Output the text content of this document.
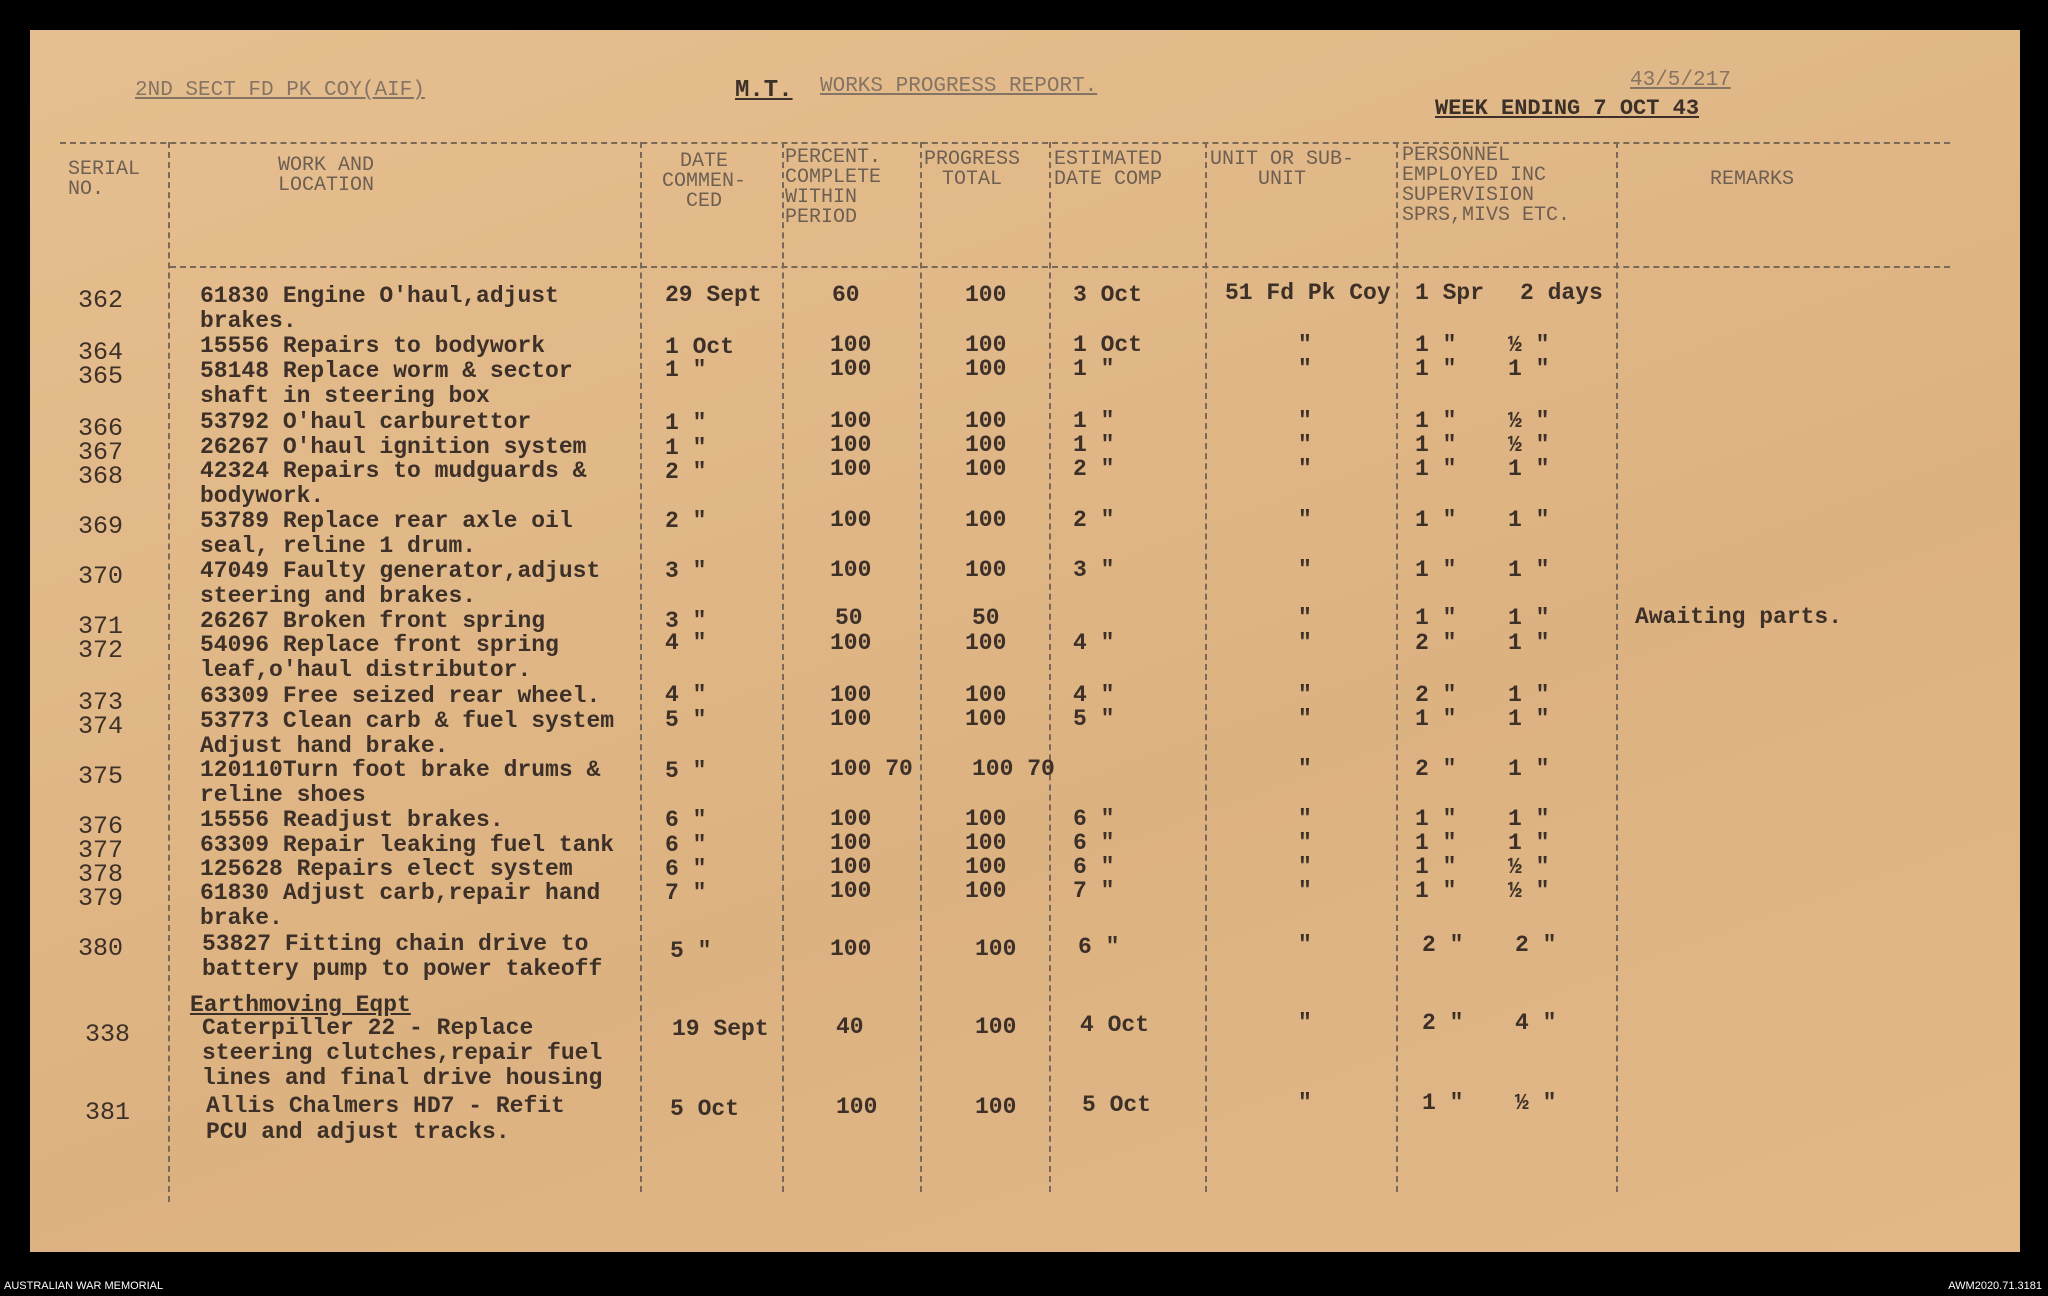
2ND SECT FD PK COY(AIF)	M.T. WORKS PROGRESS REPORT.	43/5/217
WEEK ENDING 7 OCT 43
SERIAL
NO.
WORK AND
LOCATION
DATE
COMMEN-
CED
PERCENT.
COMPLETE
WITHIN
PERIOD
PROGRESS
TOTAL
ESTIMATED
DATE COMP
UNIT OR SUB-
UNIT
PERSONNEL
EMPLOYED INC
SUPERVISION
SPRS,MIVS ETC.
REMARKS
362	61830 Engine O'haul,adjust
brakes.
29 Sept	60	100	3 Oct	51 Fd Pk Coy 1 Spr 2 days
364	15556 Repairs to bodywork	1 Oct	100	100	1 Oct	"	1 " ½ "
365	58148 Replace worm & sector
shaft in steering box
1 "	100	100	1 "	"	1 " 1 "
366	53792 O'haul carburettor	1 "	100	100	1 "	"	1 " ½ "
367	26267 O'haul ignition system	1 "	100	100	1 "	"	1 " ½ "
368	42324 Repairs to mudguards &
bodywork.
2 "	100	100	2 "	"	1 " 1 "
369	53789 Replace rear axle oil
seal, reline 1 drum.
2 "	100	100	2 "	"	1 " 1 "
370	47049 Faulty generator,adjust
steering and brakes.
3 "	100	100	3 "	"	1 " 1 "
371	26267 Broken front spring	3 "	50	50	"	1 " 1 "	Awaiting parts.
372	54096 Replace front spring
leaf,o'haul distributor.
4 "	100	100	4 "	"	2 " 1 "
373	63309 Free seized rear wheel.	4 "	100	100	4 "	"	2 " 1 "
374	53773 Clean carb & fuel system
Adjust hand brake.
5 "	100	100	5 "	"	1 " 1 "
375	120110Turn foot brake drums &
reline shoes
5 "	100 70	100 70	"	2 " 1 "
376	15556 Readjust brakes.	6 "	100	100	6 "	"	1 " 1 "
377	63309 Repair leaking fuel tank 6 "	100	100	6 "	"	1 " 1 "
378	125628 Repairs elect system	6 "	100	100	6 "	"	1 " ½ "
379	61830 Adjust carb,repair hand
brake.
7 "	100	100	7 "	"	1 " ½ "
380	53827 Fitting chain drive to
battery pump to power takeoff
5 "	100	100	6 "	"	2 " 2 "
Earthmoving Eqpt
338	Caterpiller 22 - Replace
steering clutches,repair fuel
lines and final drive housing
19 Sept	40	100	4 Oct	"	2 " 4 "
381	Allis Chalmers HD7 - Refit
PCU and adjust tracks.
5 Oct	100	100	5 Oct	"	1 " ½ "
AUSTRALIAN WAR MEMORIAL	AWM2020.71.3181
